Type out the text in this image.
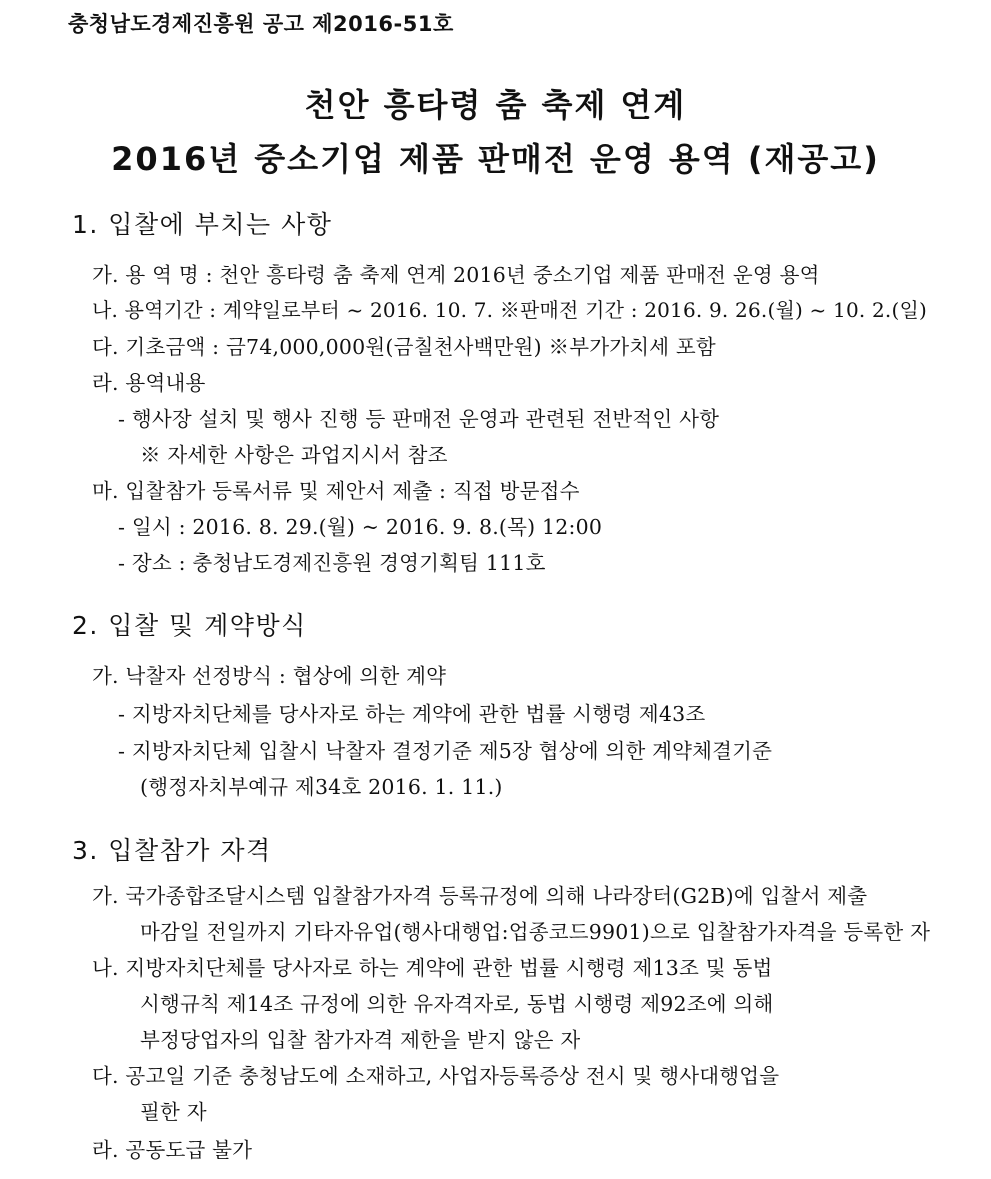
충청남도경제진흥원 공고 제2016-51호
천안 흥타령 춤 축제 연계
2016년 중소기업 제품 판매전 운영 용역 (재공고)
1. 입찰에 부치는 사항
가. 용 역 명 : 천안 흥타령 춤 축제 연계 2016년 중소기업 제품 판매전 운영 용역
나. 용역기간 : 계약일로부터 ~ 2016. 10. 7. ※판매전 기간 : 2016. 9. 26.(월) ~ 10. 2.(일)
다. 기초금액 : 금74,000,000원(금칠천사백만원) ※부가가치세 포함
라. 용역내용
- 행사장 설치 및 행사 진행 등 판매전 운영과 관련된 전반적인 사항
※ 자세한 사항은 과업지시서 참조
마. 입찰참가 등록서류 및 제안서 제출 : 직접 방문접수
- 일시 : 2016. 8. 29.(월) ~ 2016. 9. 8.(목) 12:00
- 장소 : 충청남도경제진흥원 경영기획팀 111호
2. 입찰 및 계약방식
가. 낙찰자 선정방식 : 협상에 의한 계약
- 지방자치단체를 당사자로 하는 계약에 관한 법률 시행령 제43조
- 지방자치단체 입찰시 낙찰자 결정기준 제5장 협상에 의한 계약체결기준
(행정자치부예규 제34호 2016. 1. 11.)
3. 입찰참가 자격
가. 국가종합조달시스템 입찰참가자격 등록규정에 의해 나라장터(G2B)에 입찰서 제출
마감일 전일까지 기타자유업(행사대행업:업종코드9901)으로 입찰참가자격을 등록한 자
나. 지방자치단체를 당사자로 하는 계약에 관한 법률 시행령 제13조 및 동법
시행규칙 제14조 규정에 의한 유자격자로, 동법 시행령 제92조에 의해
부정당업자의 입찰 참가자격 제한을 받지 않은 자
다. 공고일 기준 충청남도에 소재하고, 사업자등록증상 전시 및 행사대행업을
필한 자
라. 공동도급 불가
